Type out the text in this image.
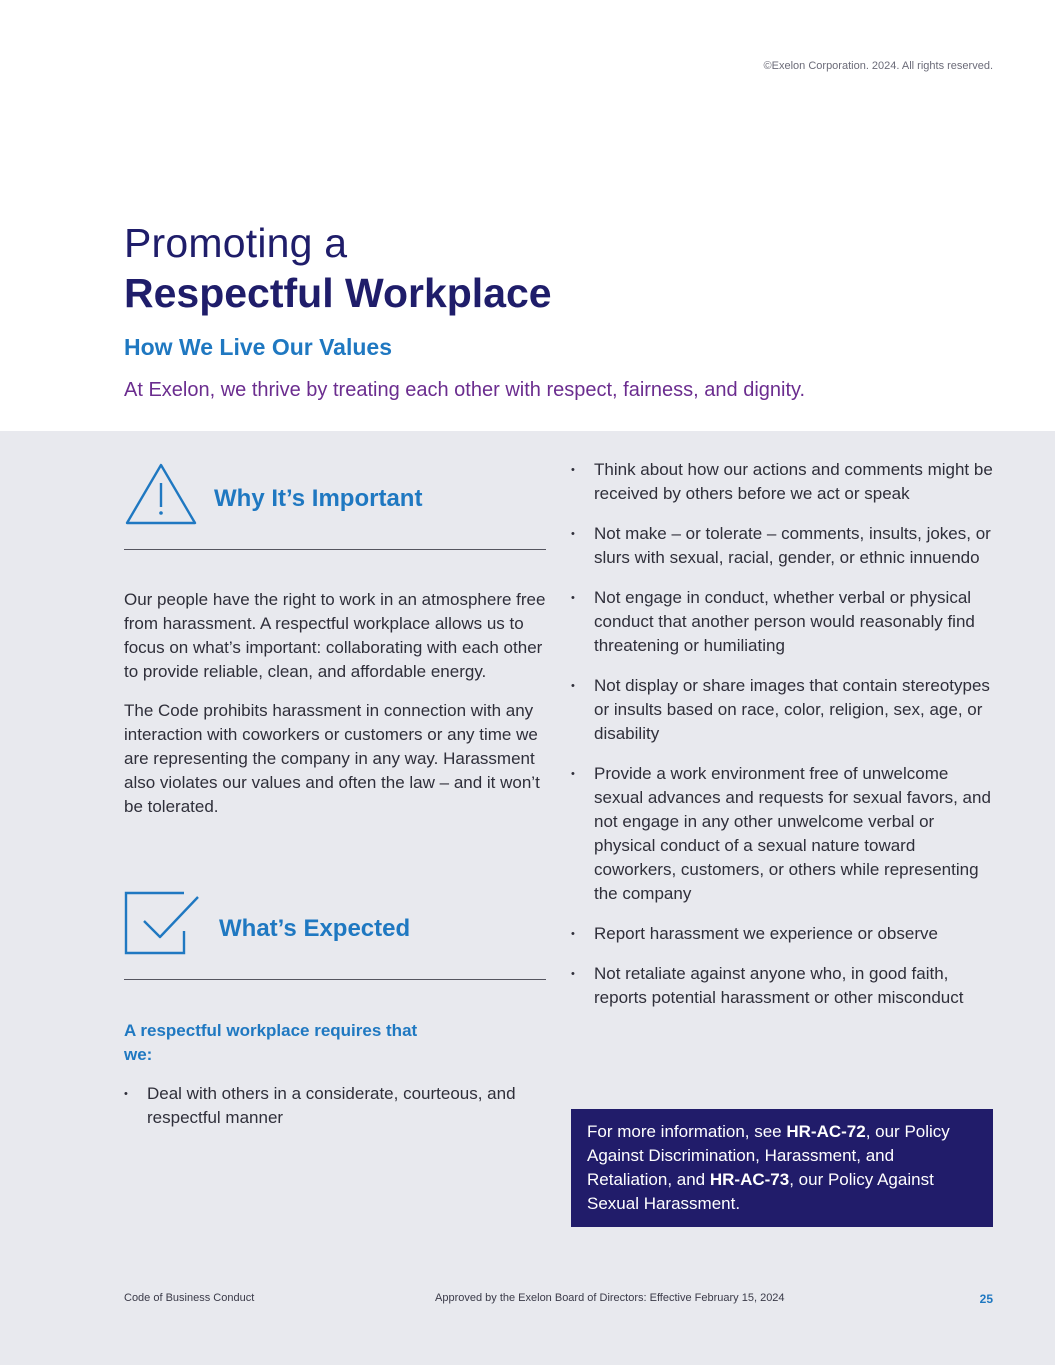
©Exelon Corporation. 2024. All rights reserved.
Promoting a
Respectful Workplace
How We Live Our Values
At Exelon, we thrive by treating each other with respect, fairness, and dignity.
Why It’s Important

Our people have the right to work in an atmosphere free from harassment. A respectful workplace allows us to focus on what’s important: collaborating with each other to provide reliable, clean, and affordable energy.

The Code prohibits harassment in connection with any interaction with coworkers or customers or any time we are representing the company in any way. Harassment also violates our values and often the law – and it won’t be tolerated.

What’s Expected
A respectful workplace requires that we:
• Deal with others in a considerate, courteous, and respectful manner
• Think about how our actions and comments might be received by others before we act or speak
• Not make – or tolerate – comments, insults, jokes, or slurs with sexual, racial, gender, or ethnic innuendo
• Not engage in conduct, whether verbal or physical conduct that another person would reasonably find threatening or humiliating
• Not display or share images that contain stereotypes or insults based on race, color, religion, sex, age, or disability
• Provide a work environment free of unwelcome sexual advances and requests for sexual favors, and not engage in any other unwelcome verbal or physical conduct of a sexual nature toward coworkers, customers, or others while representing the company
• Report harassment we experience or observe
• Not retaliate against anyone who, in good faith, reports potential harassment or other misconduct
For more information, see HR-AC-72, our Policy Against Discrimination, Harassment, and Retaliation, and HR-AC-73, our Policy Against Sexual Harassment.
Code of Business Conduct	Approved by the Exelon Board of Directors: Effective February 15, 2024	25
